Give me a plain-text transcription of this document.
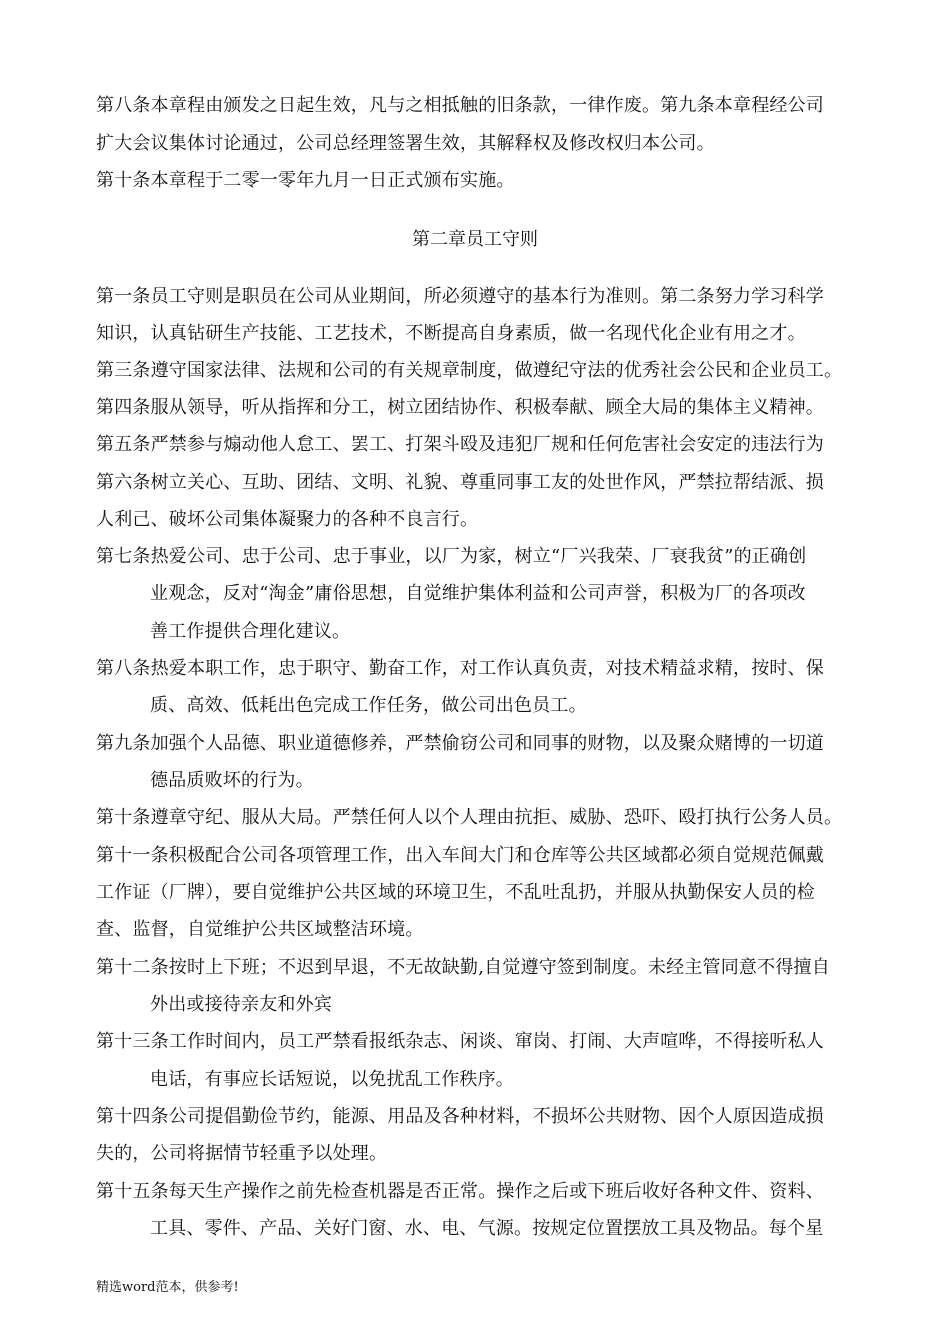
第八条本章程由颁发之日起生效，凡与之相抵触的旧条款，一律作废。第九条本章程经公司
扩大会议集体讨论通过，公司总经理签署生效，其解释权及修改权归本公司。
第十条本章程于二零一零年九月一日正式颁布实施。
第二章员工守则
第一条员工守则是职员在公司从业期间，所必须遵守的基本行为准则。第二条努力学习科学
知识，认真钻研生产技能、工艺技术，不断提高自身素质，做一名现代化企业有用之才。
第三条遵守国家法律、法规和公司的有关规章制度，做遵纪守法的优秀社会公民和企业员工。
第四条服从领导，听从指挥和分工，树立团结协作、积极奉献、顾全大局的集体主义精神。
第五条严禁参与煽动他人怠工、罢工、打架斗殴及违犯厂规和任何危害社会安定的违法行为
第六条树立关心、互助、团结、文明、礼貌、尊重同事工友的处世作风，严禁拉帮结派、损
人利己、破坏公司集体凝聚力的各种不良言行。
第七条热爱公司、忠于公司、忠于事业，以厂为家，树立“厂兴我荣、厂衰我贫”的正确创
业观念，反对“淘金”庸俗思想，自觉维护集体利益和公司声誉，积极为厂的各项改
善工作提供合理化建议。
第八条热爱本职工作，忠于职守、勤奋工作，对工作认真负责，对技术精益求精，按时、保
质、高效、低耗出色完成工作任务，做公司出色员工。
第九条加强个人品德、职业道德修养，严禁偷窃公司和同事的财物，以及聚众赌博的一切道
德品质败坏的行为。
第十条遵章守纪、服从大局。严禁任何人以个人理由抗拒、威胁、恐吓、殴打执行公务人员。
第十一条积极配合公司各项管理工作，出入车间大门和仓库等公共区域都必须自觉规范佩戴
工作证（厂牌），要自觉维护公共区域的环境卫生，不乱吐乱扔，并服从执勤保安人员的检
查、监督，自觉维护公共区域整洁环境。
第十二条按时上下班；不迟到早退，不无故缺勤,自觉遵守签到制度。未经主管同意不得擅自
外出或接待亲友和外宾
第十三条工作时间内，员工严禁看报纸杂志、闲谈、窜岗、打闹、大声喧哗，不得接听私人
电话，有事应长话短说，以免扰乱工作秩序。
第十四条公司提倡勤俭节约，能源、用品及各种材料，不损坏公共财物、因个人原因造成损
失的，公司将据情节轻重予以处理。
第十五条每天生产操作之前先检查机器是否正常。操作之后或下班后收好各种文件、资料、
工具、零件、产品、关好门窗、水、电、气源。按规定位置摆放工具及物品。每个星
精选word范本，供参考!
